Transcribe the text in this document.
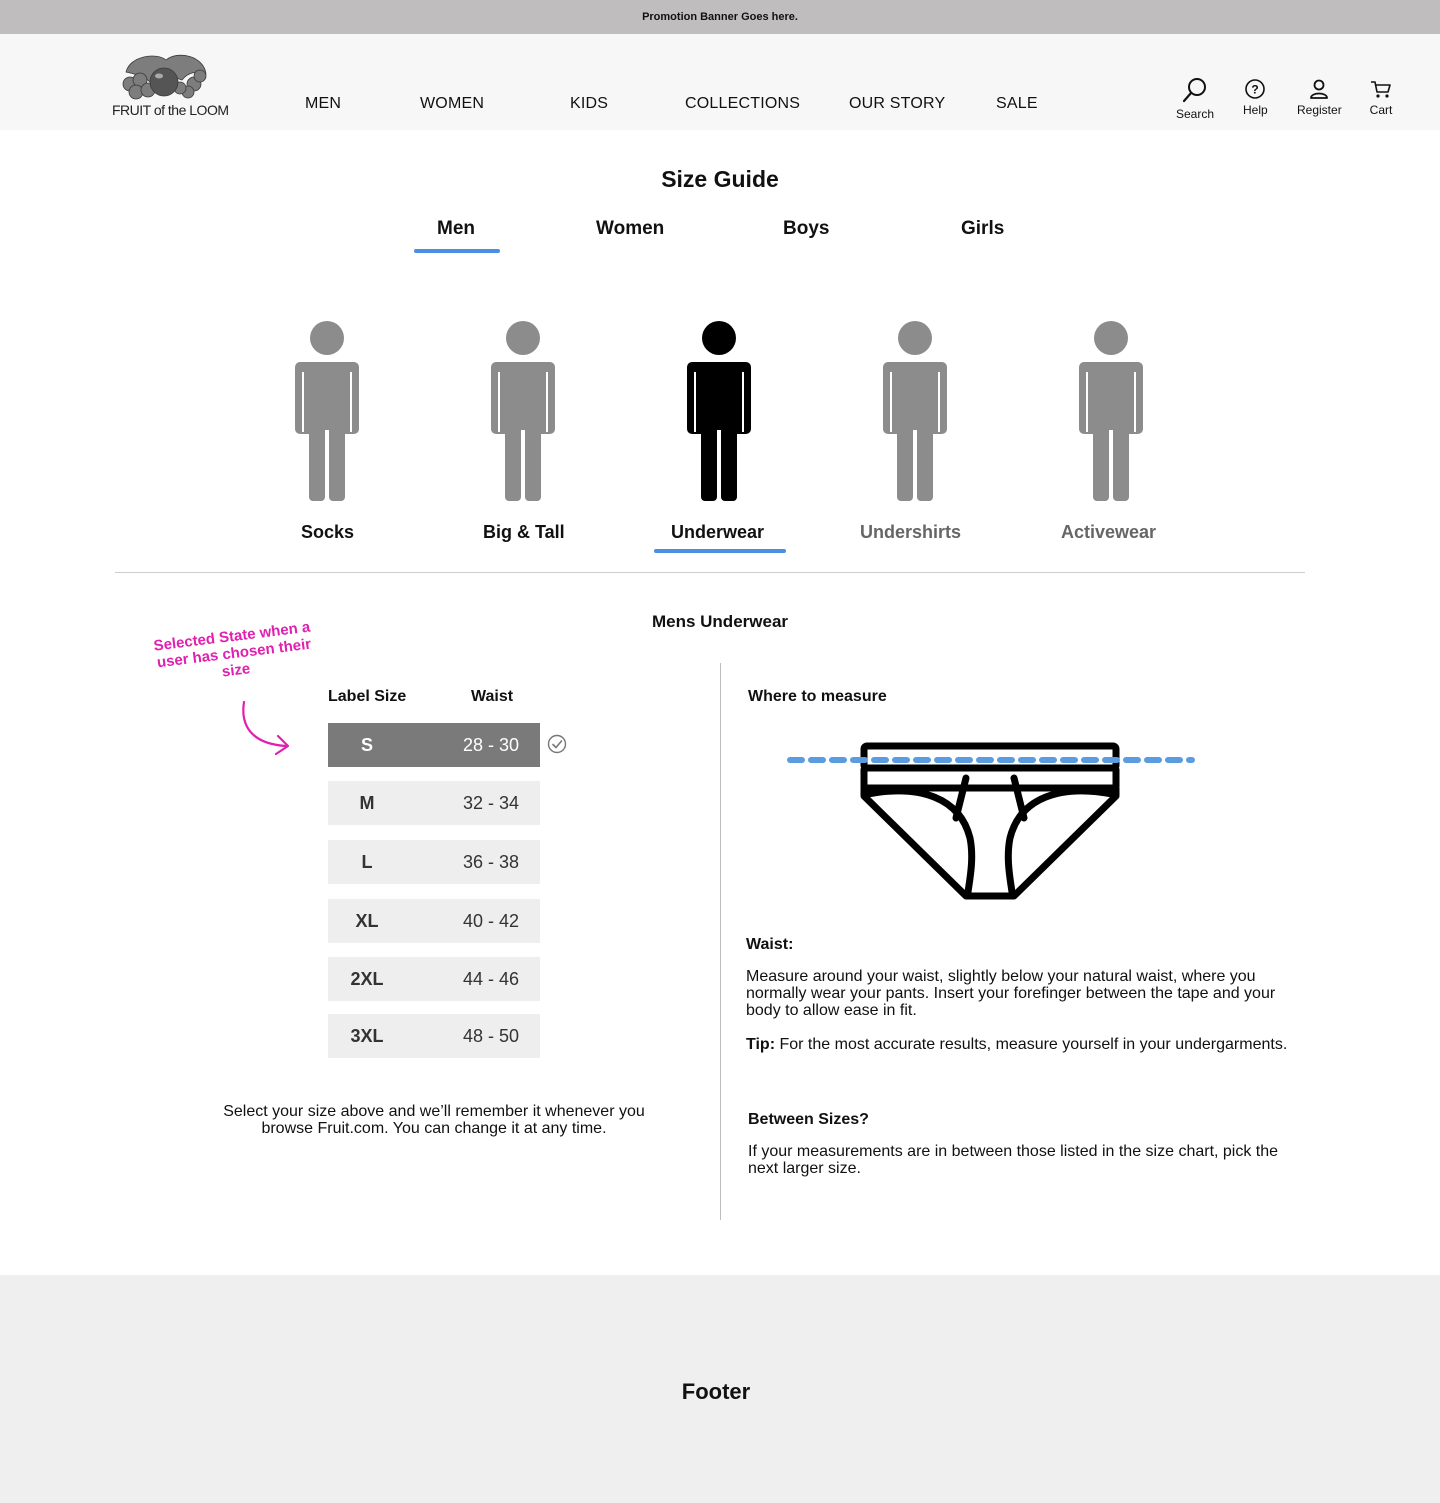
Promotion Banner Goes here.
FRUIT of the LOOM	MEN	WOMEN	KIDS	COLLECTIONS	OUR STORY	SALE
Search
?
Help Register Cart
Size Guide
Men	Women	Boys	Girls
Socks	Big & Tall	Underwear	Undershirts	Activewear
Mens Underwear
Selected State when a user has chosen their size
Label Size	Waist
S	28 - 30
M	32 - 34
L	36 - 38
XL	40 - 42
2XL	44 - 46
3XL	48 - 50
Select your size above and we’ll remember it whenever you browse Fruit.com. You can change it at any time.
Where to measure
Waist:
Measure around your waist, slightly below your natural waist, where you normally wear your pants. Insert your forefinger between the tape and your body to allow ease in fit.
Tip: For the most accurate results, measure yourself in your undergarments.
Between Sizes?
If your measurements are in between those listed in the size chart, pick the next larger size.
Footer
